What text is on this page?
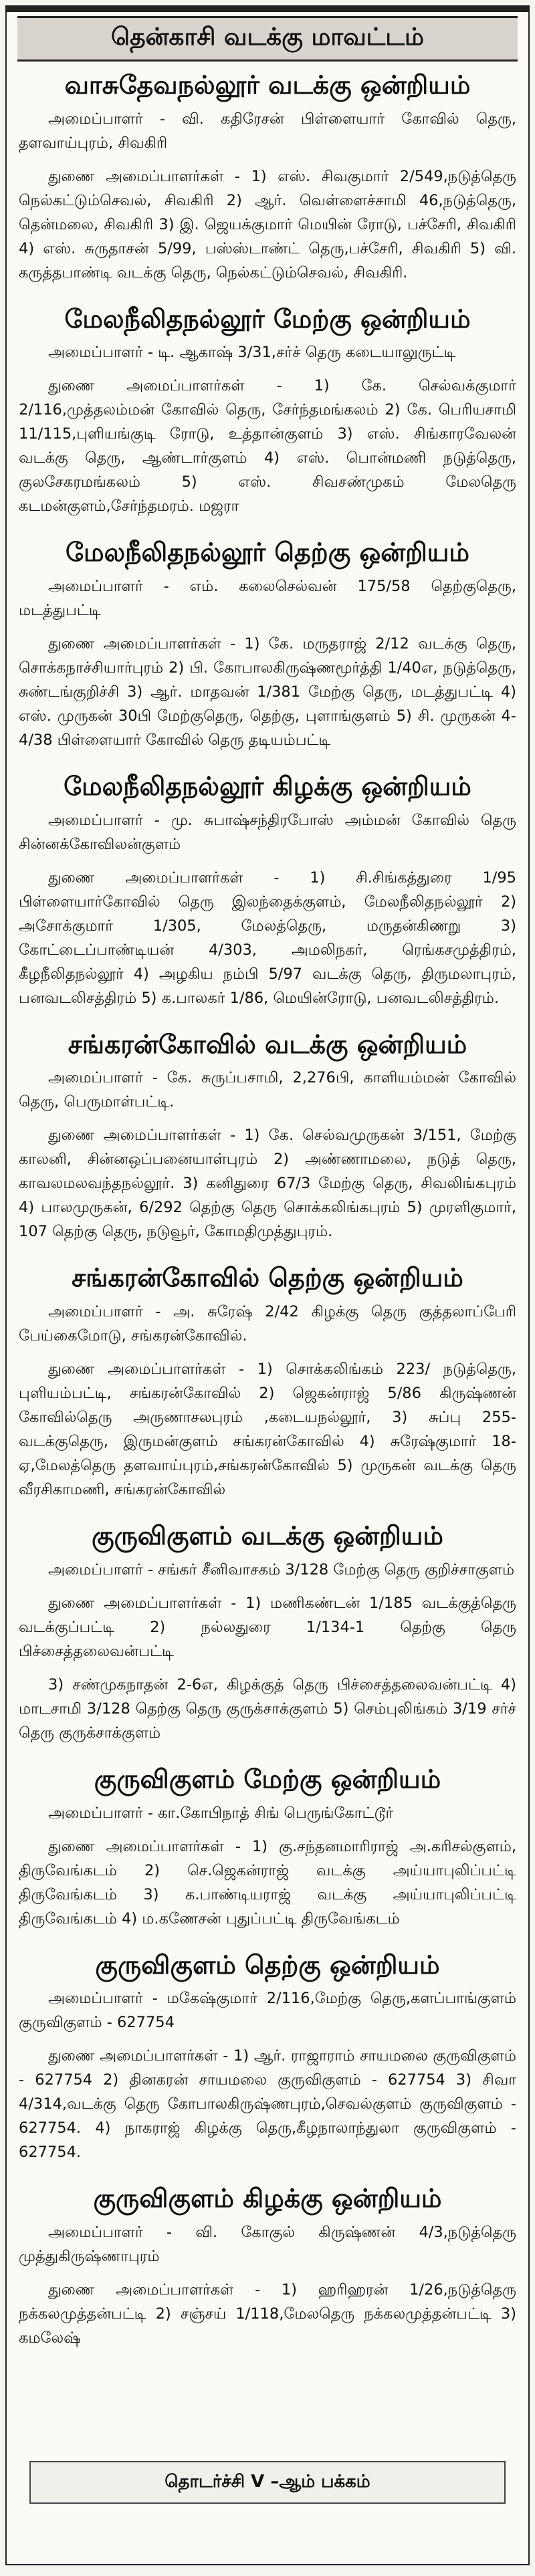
தென்காசி வடக்கு மாவட்டம்
வாசுதேவநல்லூர் வடக்கு ஒன்றியம்

அமைப்பாளர் - வி. கதிரேசன் பிள்ளையார் கோவில் தெரு, தளவாய்புரம், சிவகிரி

துணை அமைப்பாளர்கள் - 1) எஸ். சிவகுமார் 2/549,நடுத்தெரு நெல்கட்டும்செவல், சிவகிரி 2) ஆர். வெள்ளைச்சாமி 46,நடுத்தெரு, தென்மலை, சிவகிரி 3) இ. ஜெயக்குமார் மெயின் ரோடு, பச்சேரி, சிவகிரி 4) எஸ். சுருதாசன் 5/99, பஸ்ஸ்டாண்ட் தெரு,பச்சேரி, சிவகிரி 5) வி. கருத்தபாண்டி வடக்கு தெரு, நெல்கட்டும்செவல், சிவகிரி.

மேலநீலிதநல்லூர் மேற்கு ஒன்றியம்

அமைப்பாளர் - டி. ஆகாஷ் 3/31,சர்ச் தெரு கடையாலுருட்டி

துணை அமைப்பாளர்கள் - 1) கே. செல்வக்குமார் 2/116,முத்தலம்மன் கோவில் தெரு, சேர்ந்தமங்கலம் 2) கே. பெரியசாமி 11/115,புளியங்குடி ரோடு, உத்தான்குளம் 3) எஸ். சிங்காரவேலன் வடக்கு தெரு, ஆண்டார்குளம் 4) எஸ். பொன்மணி நடுத்தெரு, குலசேகரமங்கலம் 5) எஸ். சிவசண்முகம் மேலதெரு கடமன்குளம்,சேர்ந்தமரம். மஜரா

மேலநீலிதநல்லூர் தெற்கு ஒன்றியம்

அமைப்பாளர் - எம். கலைசெல்வன் 175/58 தெற்குதெரு, மடத்துபட்டி

துணை அமைப்பாளர்கள் - 1) கே. மருதராஜ் 2/12 வடக்கு தெரு, சொக்கநாச்சியார்புரம் 2) பி. கோபாலகிருஷ்ணமூர்த்தி 1/40எ, நடுத்தெரு, சுண்டங்குறிச்சி 3) ஆர். மாதவன் 1/381 மேற்கு தெரு, மடத்துபட்டி 4) எஸ். முருகன் 30பி மேற்குதெரு, தெற்கு, புளாங்குளம் 5) சி. முருகன் 4-4/38 பிள்ளையார் கோவில் தெரு தடியம்பட்டி

மேலநீலிதநல்லூர் கிழக்கு ஒன்றியம்

அமைப்பாளர் - மு. சுபாஷ்சந்திரபோஸ் அம்மன் கோவில் தெரு சின்னக்கோவிலன்குளம்

துணை அமைப்பாளர்கள் - 1) சி.சிங்கத்துரை 1/95 பிள்ளையார்கோவில் தெரு இலந்தைக்குளம், மேலநீலிதநல்லூர் 2) அசோக்குமார் 1/305, மேலத்தெரு, மருதன்கிணறு 3) கோட்டைப்பாண்டியன் 4/303, அமலிநகர், ரெங்கசமுத்திரம், கீழநீலிதநல்லூர் 4) அழகிய நம்பி 5/97 வடக்கு தெரு, திருமலாபுரம், பனவடலிசத்திரம் 5) க.பாலகர் 1/86, மெயின்ரோடு, பனவடலிசத்திரம்.

சங்கரன்கோவில் வடக்கு ஒன்றியம்

அமைப்பாளர் - கே. சுருப்பசாமி, 2,276பி, காளியம்மன் கோவில் தெரு, பெருமாள்பட்டி.

துணை அமைப்பாளர்கள் - 1) கே. செல்வமுருகன் 3/151, மேற்கு காலனி, சின்னஒப்பனையாள்புரம் 2) அண்ணாமலை, நடுத் தெரு, காவலமலவந்தநல்லூர். 3) கனிதுரை 67/3 மேற்கு தெரு, சிவலிங்கபுரம் 4) பாலமுருகன், 6/292 தெற்கு தெரு சொக்கலிங்கபுரம் 5) முரளிகுமார், 107 தெற்கு தெரு, நடுவூர், கோமதிமுத்துபுரம்.

சங்கரன்கோவில் தெற்கு ஒன்றியம்

அமைப்பாளர் - அ. சுரேஷ் 2/42 கிழக்கு தெரு குத்தலாப்பேரி பேய்கைமோடு, சங்கரன்கோவில்.

துணை அமைப்பாளர்கள் - 1) சொக்கலிங்கம் 223/ நடுத்தெரு, புளியம்பட்டி, சங்கரன்கோவில் 2) ஜெகன்ராஜ் 5/86 கிருஷ்ணன் கோவில்தெரு அருணாசலபுரம் ,கடையநல்லூர், 3) சுப்பு 255-வடக்குதெரு, இருமன்குளம் சங்கரன்கோவில் 4) சுரேஷ்குமார் 18-ஏ,மேலத்தெரு தளவாய்புரம்,சங்கரன்கோவில் 5) முருகன் வடக்கு தெரு வீரசிகாமணி, சங்கரன்கோவில்

குருவிகுளம் வடக்கு ஒன்றியம்

அமைப்பாளர் - சங்கர் சீனிவாசகம் 3/128 மேற்கு தெரு குறிச்சாகுளம்

துணை அமைப்பாளர்கள் - 1) மணிகண்டன் 1/185 வடக்குத்தெரு வடக்குப்பட்டி 2) நல்லதுரை 1/134-1 தெற்கு தெரு பிச்சைத்தலைவன்பட்டி

3) சண்முகநாதன் 2-6எ, கிழக்குத் தெரு பிச்சைத்தலைவன்பட்டி 4) மாடசாமி 3/128 தெற்கு தெரு குருக்சாக்குளம் 5) செம்புலிங்கம் 3/19 சர்ச் தெரு குருக்சாக்குளம்

குருவிகுளம் மேற்கு ஒன்றியம்

அமைப்பாளர் - கா.கோபிநாத் சிங் பெருங்கோட்டூர்

துணை அமைப்பாளர்கள் - 1) கு.சந்தனமாரிராஜ் அ.கரிசல்குளம், திருவேங்கடம் 2) செ.ஜெகன்ராஜ் வடக்கு அய்யாபுலிப்பட்டி திருவேங்கடம் 3) க.பாண்டியராஜ் வடக்கு அய்யாபுலிப்பட்டி திருவேங்கடம் 4) ம.கணேசன் புதுப்பட்டி திருவேங்கடம்

குருவிகுளம் தெற்கு ஒன்றியம்

அமைப்பாளர் - மகேஷ்குமார் 2/116,மேற்கு தெரு,களப்பாங்குளம் குருவிகுளம் - 627754

துணை அமைப்பாளர்கள் - 1) ஆர். ராஜாராம் சாயமலை குருவிகுளம் - 627754 2) தினகரன் சாயமலை குருவிகுளம் - 627754 3) சிவா 4/314,வடக்கு தெரு கோபாலகிருஷ்ணபுரம்,செவல்குளம் குருவிகுளம் - 627754. 4) நாகராஜ் கிழக்கு தெரு,கீழநாலாந்துலா குருவிகுளம் - 627754.

குருவிகுளம் கிழக்கு ஒன்றியம்

அமைப்பாளர் - வி. கோகுல் கிருஷ்ணன் 4/3,நடுத்தெரு முத்துகிருஷ்ணாபுரம்

துணை அமைப்பாளர்கள் - 1) ஹரிஹரன் 1/26,நடுத்தெரு நக்கலமுத்தன்பட்டி 2) சஞ்சய் 1/118,மேலதெரு நக்கலமுத்தன்பட்டி 3) கமலேஷ்

தொடர்ச்சி V –ஆம் பக்கம்
